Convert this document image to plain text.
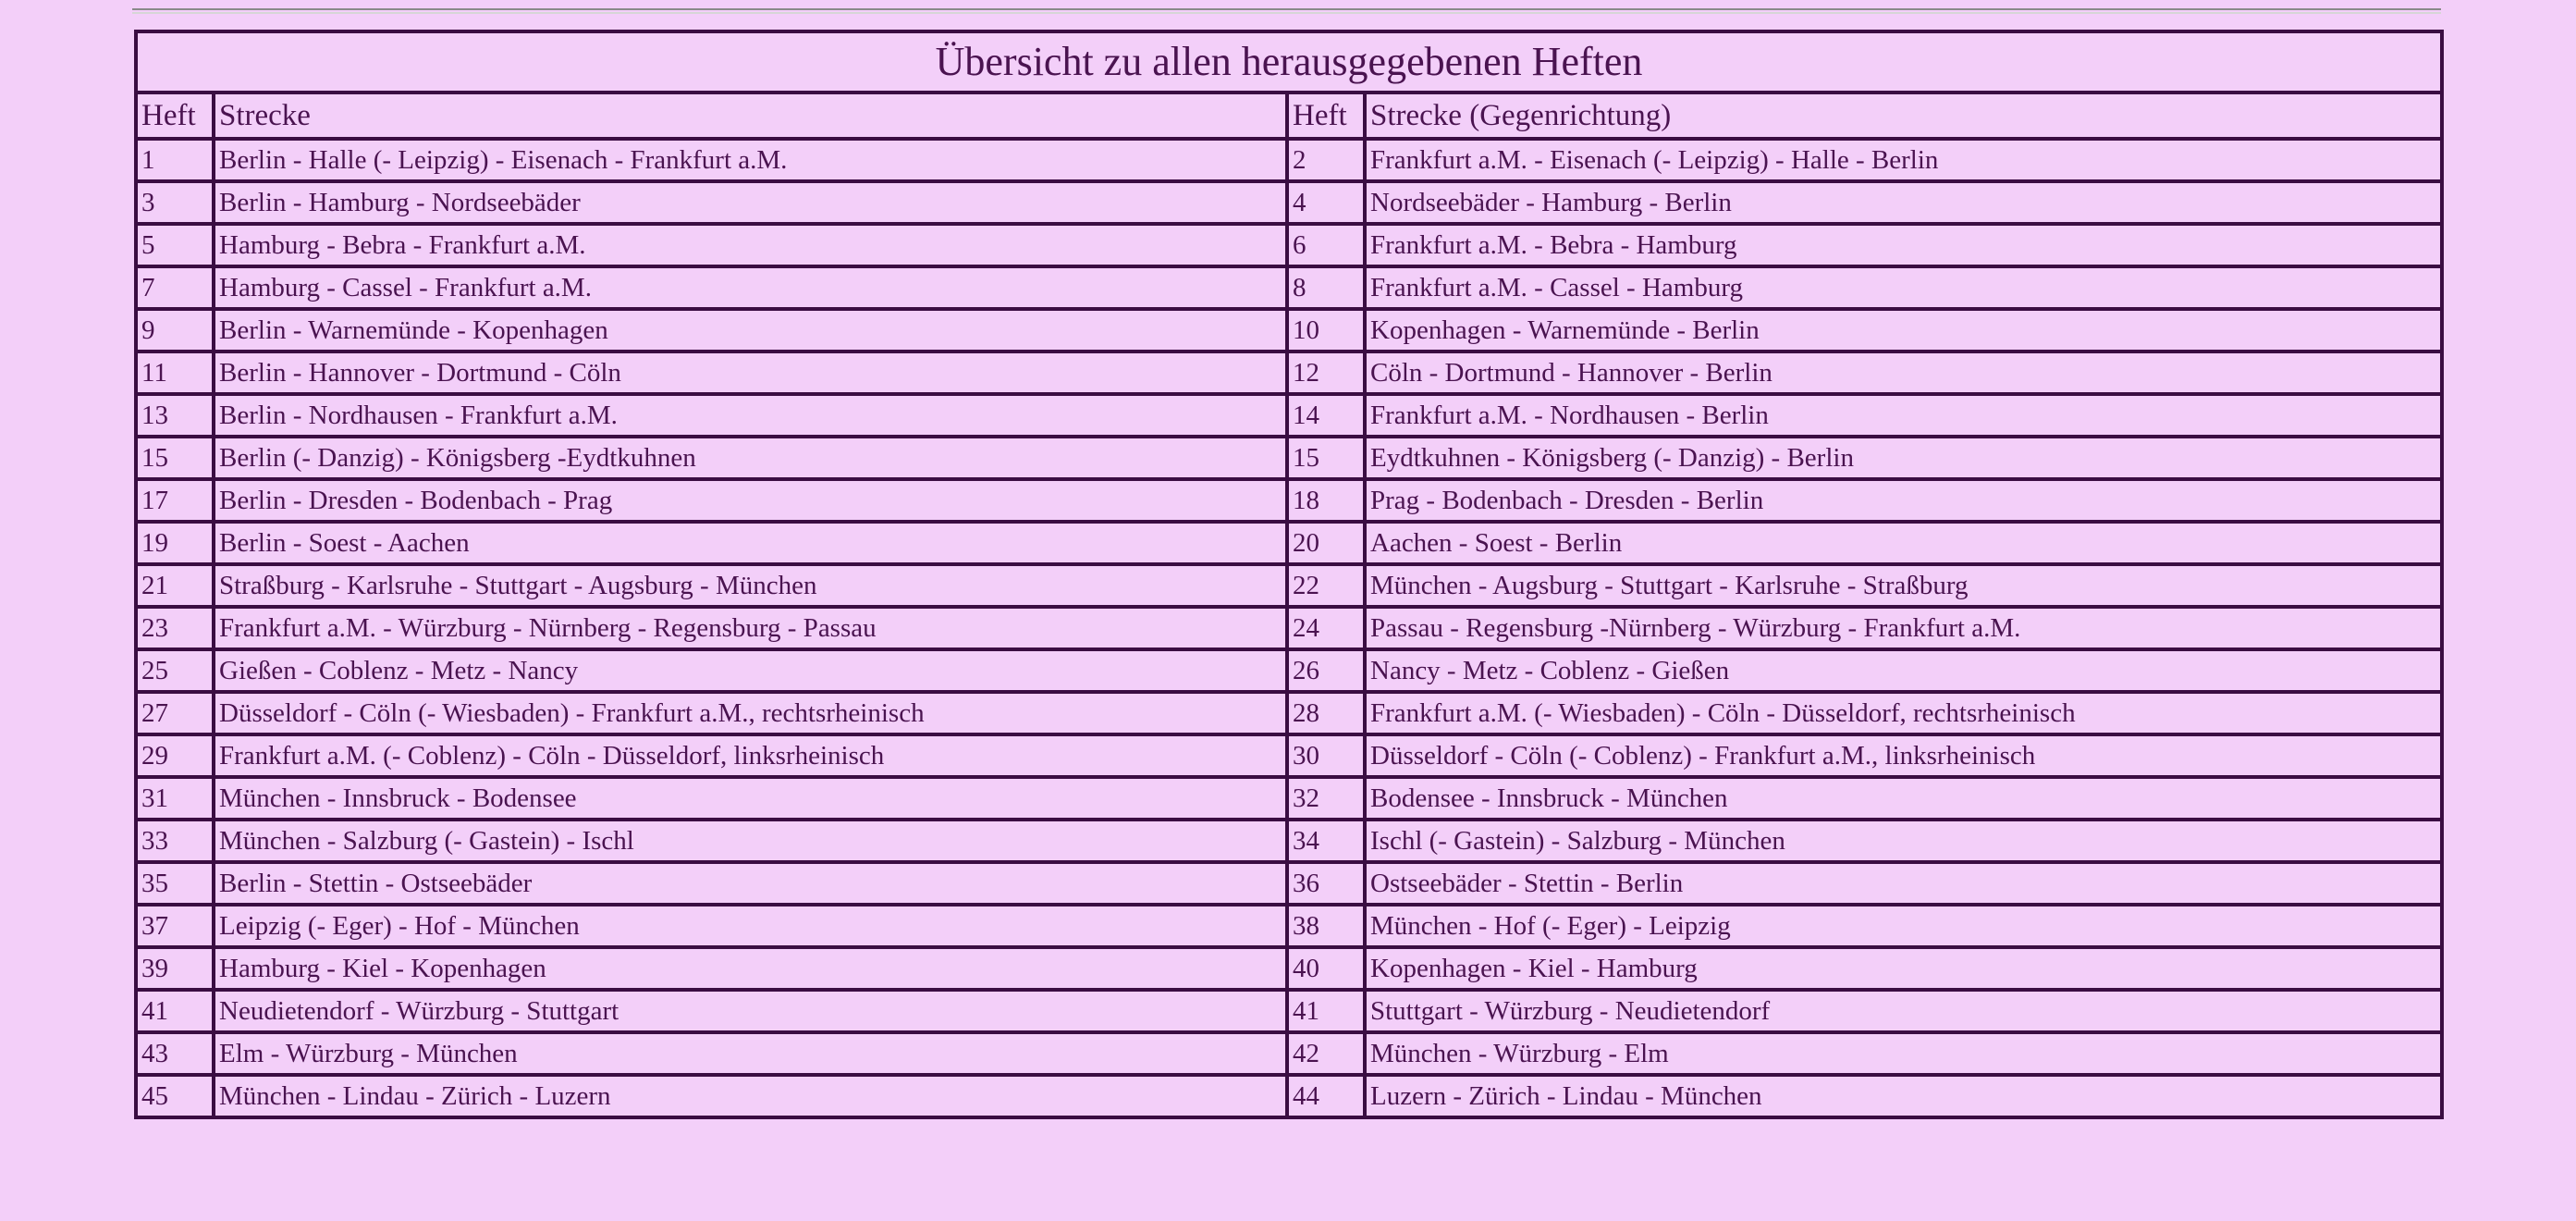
Übersicht zu allen herausgegebenen Heften			
Heft	Strecke	Heft	Strecke (Gegenrichtung)
1	Berlin - Halle (- Leipzig) - Eisenach - Frankfurt a.M.	2	Frankfurt a.M. - Eisenach (- Leipzig) - Halle - Berlin
3	Berlin - Hamburg - Nordseebäder	4	Nordseebäder - Hamburg - Berlin
5	Hamburg - Bebra - Frankfurt a.M.	6	Frankfurt a.M. - Bebra - Hamburg
7	Hamburg - Cassel - Frankfurt a.M.	8	Frankfurt a.M. - Cassel - Hamburg
9	Berlin - Warnemünde - Kopenhagen	10	Kopenhagen - Warnemünde - Berlin
11	Berlin - Hannover - Dortmund - Cöln	12	Cöln - Dortmund - Hannover - Berlin
13	Berlin - Nordhausen - Frankfurt a.M.	14	Frankfurt a.M. - Nordhausen - Berlin
15	Berlin (- Danzig) - Königsberg -Eydtkuhnen	15	Eydtkuhnen - Königsberg (- Danzig) - Berlin
17	Berlin - Dresden - Bodenbach - Prag	18	Prag - Bodenbach - Dresden - Berlin
19	Berlin - Soest - Aachen	20	Aachen - Soest - Berlin
21	Straßburg - Karlsruhe - Stuttgart - Augsburg - München	22	München - Augsburg - Stuttgart - Karlsruhe - Straßburg
23	Frankfurt a.M. - Würzburg - Nürnberg - Regensburg - Passau	24	Passau - Regensburg -Nürnberg - Würzburg - Frankfurt a.M.
25	Gießen - Coblenz - Metz - Nancy	26	Nancy - Metz - Coblenz - Gießen
27	Düsseldorf - Cöln (- Wiesbaden) - Frankfurt a.M., rechtsrheinisch	28	Frankfurt a.M. (- Wiesbaden) - Cöln - Düsseldorf, rechtsrheinisch
29	Frankfurt a.M. (- Coblenz) - Cöln - Düsseldorf, linksrheinisch	30	Düsseldorf - Cöln (- Coblenz) - Frankfurt a.M., linksrheinisch
31	München - Innsbruck - Bodensee	32	Bodensee - Innsbruck - München
33	München - Salzburg (- Gastein) - Ischl	34	Ischl (- Gastein) - Salzburg - München
35	Berlin - Stettin - Ostseebäder	36	Ostseebäder - Stettin - Berlin
37	Leipzig (- Eger) - Hof - München	38	München - Hof (- Eger) - Leipzig
39	Hamburg - Kiel - Kopenhagen	40	Kopenhagen - Kiel - Hamburg
41	Neudietendorf - Würzburg - Stuttgart	41	Stuttgart - Würzburg - Neudietendorf
43	Elm - Würzburg - München	42	München - Würzburg - Elm
45	München - Lindau - Zürich - Luzern	44	Luzern - Zürich - Lindau - München
